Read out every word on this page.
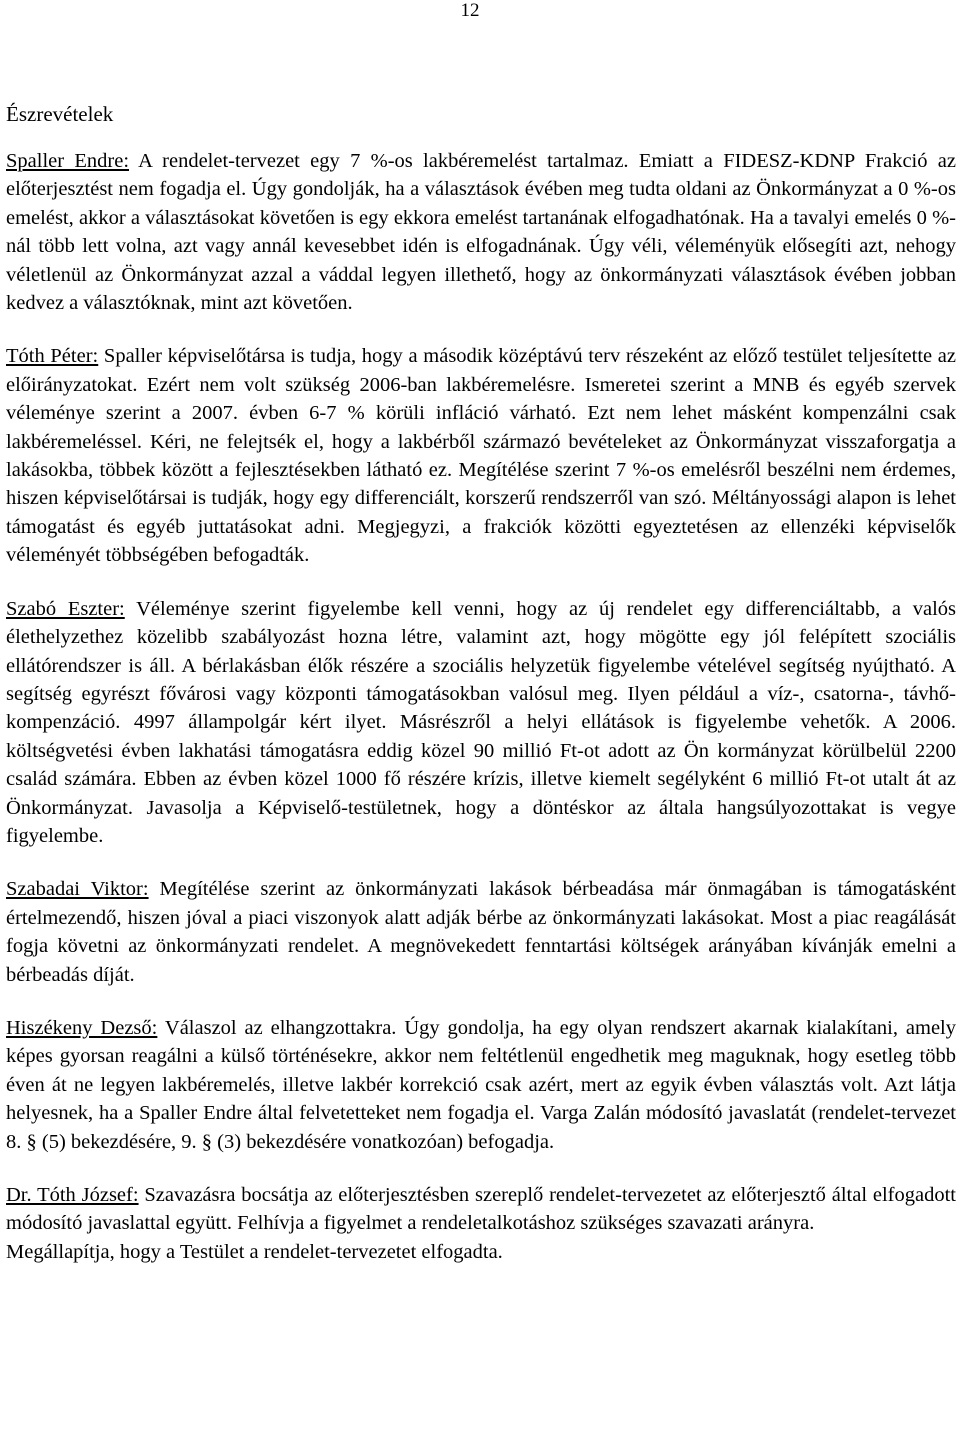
12
Észrevételek

Spaller Endre: A rendelet-tervezet egy 7 %-os lakbéremelést tartalmaz. Emiatt a FIDESZ-KDNP Frakció az előterjesztést nem fogadja el. Úgy gondolják, ha a választások évében meg tudta oldani az Önkormányzat a 0 %-os emelést, akkor a választásokat követően is egy ekkora emelést tartanának elfogadhatónak. Ha a tavalyi emelés 0 %-nál több lett volna, azt vagy annál kevesebbet idén is elfogadnának. Úgy véli, véleményük elősegíti azt, nehogy véletlenül az Önkormányzat azzal a váddal legyen illethető, hogy az önkormányzati választások évében jobban kedvez a választóknak, mint azt követően.

Tóth Péter: Spaller képviselőtársa is tudja, hogy a második középtávú terv részeként az előző testület teljesítette az előirányzatokat. Ezért nem volt szükség 2006-ban lakbéremelésre. Ismeretei szerint a MNB és egyéb szervek véleménye szerint a 2007. évben 6-7 % körüli infláció várható. Ezt nem lehet másként kompenzálni csak lakbéremeléssel. Kéri, ne felejtsék el, hogy a lakbérből származó bevételeket az Önkormányzat visszaforgatja a lakásokba, többek között a fejlesztésekben látható ez. Megítélése szerint 7 %-os emelésről beszélni nem érdemes, hiszen képviselőtársai is tudják, hogy egy differenciált, korszerű rendszerről van szó. Méltányossági alapon is lehet támogatást és egyéb juttatásokat adni. Megjegyzi, a frakciók közötti egyeztetésen az ellenzéki képviselők véleményét többségében befogadták.

Szabó Eszter: Véleménye szerint figyelembe kell venni, hogy az új rendelet egy differenciáltabb, a valós élethelyzethez közelibb szabályozást hozna létre, valamint azt, hogy mögötte egy jól felépített szociális ellátórendszer is áll. A bérlakásban élők részére a szociális helyzetük figyelembe vételével segítség nyújtható. A segítség egyrészt fővárosi vagy központi támogatásokban valósul meg. Ilyen például a víz-, csatorna-, távhő-kompenzáció. 4997 állampolgár kért ilyet. Másrészről a helyi ellátások is figyelembe vehetők. A 2006. költségvetési évben lakhatási támogatásra eddig közel 90 millió Ft-ot adott az Ön kormányzat körülbelül 2200 család számára. Ebben az évben közel 1000 fő részére krízis, illetve kiemelt segélyként 6 millió Ft-ot utalt át az Önkormányzat. Javasolja a Képviselő-testületnek, hogy a döntéskor az általa hangsúlyozottakat is vegye figyelembe.

Szabadai Viktor: Megítélése szerint az önkormányzati lakások bérbeadása már önmagában is támogatásként értelmezendő, hiszen jóval a piaci viszonyok alatt adják bérbe az önkormányzati lakásokat. Most a piac reagálását fogja követni az önkormányzati rendelet. A megnövekedett fenntartási költségek arányában kívánják emelni a bérbeadás díját.

Hiszékeny Dezső: Válaszol az elhangzottakra. Úgy gondolja, ha egy olyan rendszert akarnak kialakítani, amely képes gyorsan reagálni a külső történésekre, akkor nem feltétlenül engedhetik meg maguknak, hogy esetleg több éven át ne legyen lakbéremelés, illetve lakbér korrekció csak azért, mert az egyik évben választás volt. Azt látja helyesnek, ha a Spaller Endre által felvetetteket nem fogadja el. Varga Zalán módosító javaslatát (rendelet-tervezet 8. § (5) bekezdésére, 9. § (3) bekezdésére vonatkozóan) befogadja.

Dr. Tóth József: Szavazásra bocsátja az előterjesztésben szereplő rendelet-tervezetet az előterjesztő által elfogadott módosító javaslattal együtt. Felhívja a figyelmet a rendeletalkotáshoz szükséges szavazati arányra.

Megállapítja, hogy a Testület a rendelet-tervezetet elfogadta.
